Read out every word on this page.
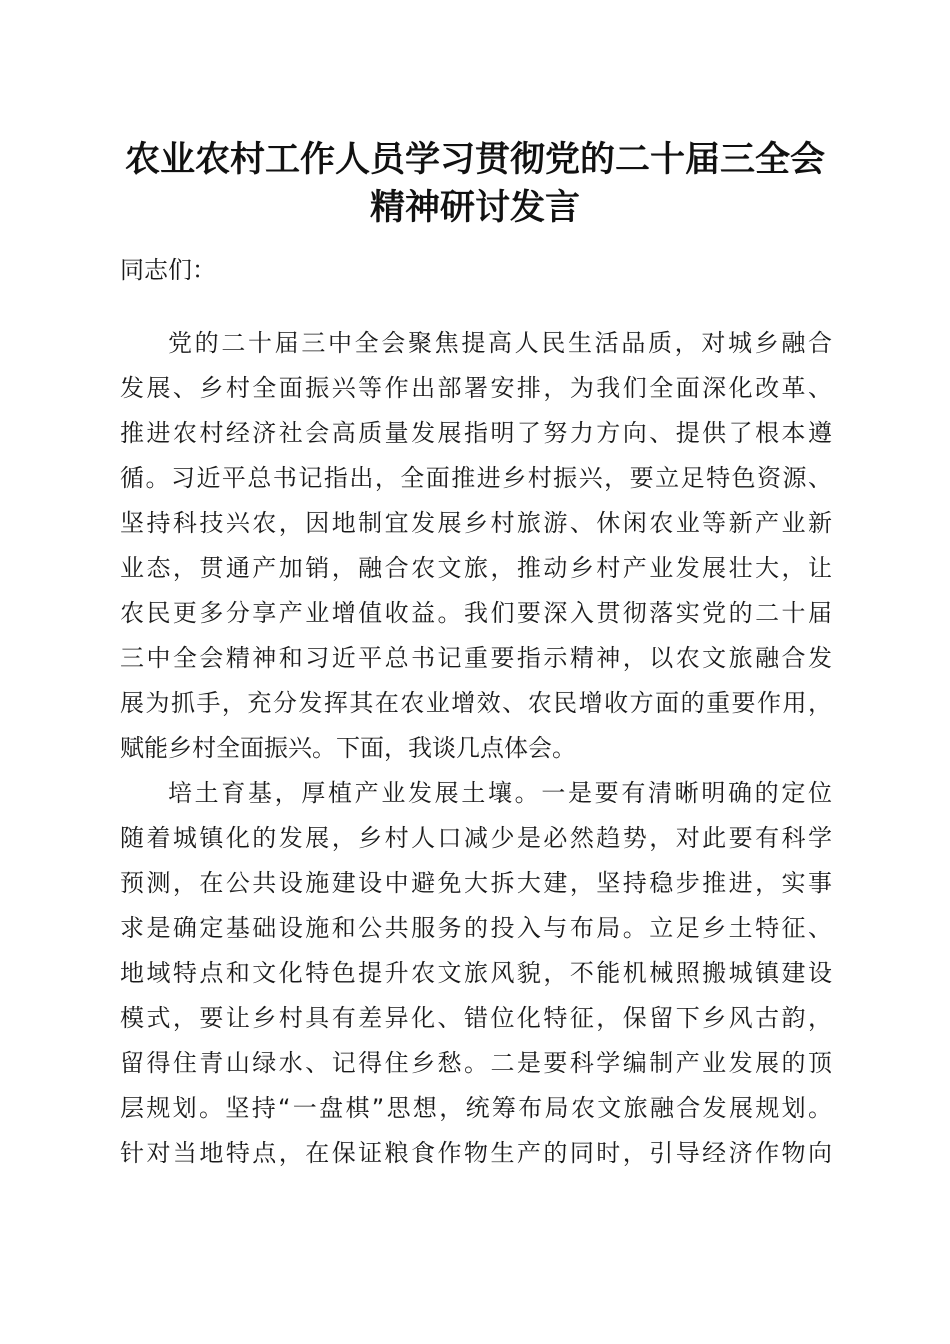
农业农村工作人员学习贯彻党的二十届三全会
精神研讨发言
同志们：
党的二十届三中全会聚焦提高人民生活品质，对城乡融合
发展、乡村全面振兴等作出部署安排，为我们全面深化改革、
推进农村经济社会高质量发展指明了努力方向、提供了根本遵
循。习近平总书记指出，全面推进乡村振兴，要立足特色资源、
坚持科技兴农，因地制宜发展乡村旅游、休闲农业等新产业新
业态，贯通产加销，融合农文旅，推动乡村产业发展壮大，让
农民更多分享产业增值收益。我们要深入贯彻落实党的二十届
三中全会精神和习近平总书记重要指示精神，以农文旅融合发
展为抓手，充分发挥其在农业增效、农民增收方面的重要作用，
赋能乡村全面振兴。下面，我谈几点体会。
培土育基，厚植产业发展土壤。一是要有清晰明确的定位
随着城镇化的发展，乡村人口减少是必然趋势，对此要有科学
预测，在公共设施建设中避免大拆大建，坚持稳步推进，实事
求是确定基础设施和公共服务的投入与布局。立足乡土特征、
地域特点和文化特色提升农文旅风貌，不能机械照搬城镇建设
模式，要让乡村具有差异化、错位化特征，保留下乡风古韵，
留得住青山绿水、记得住乡愁。二是要科学编制产业发展的顶
层规划。坚持“一盘棋”思想，统筹布局农文旅融合发展规划。
针对当地特点，在保证粮食作物生产的同时，引导经济作物向
